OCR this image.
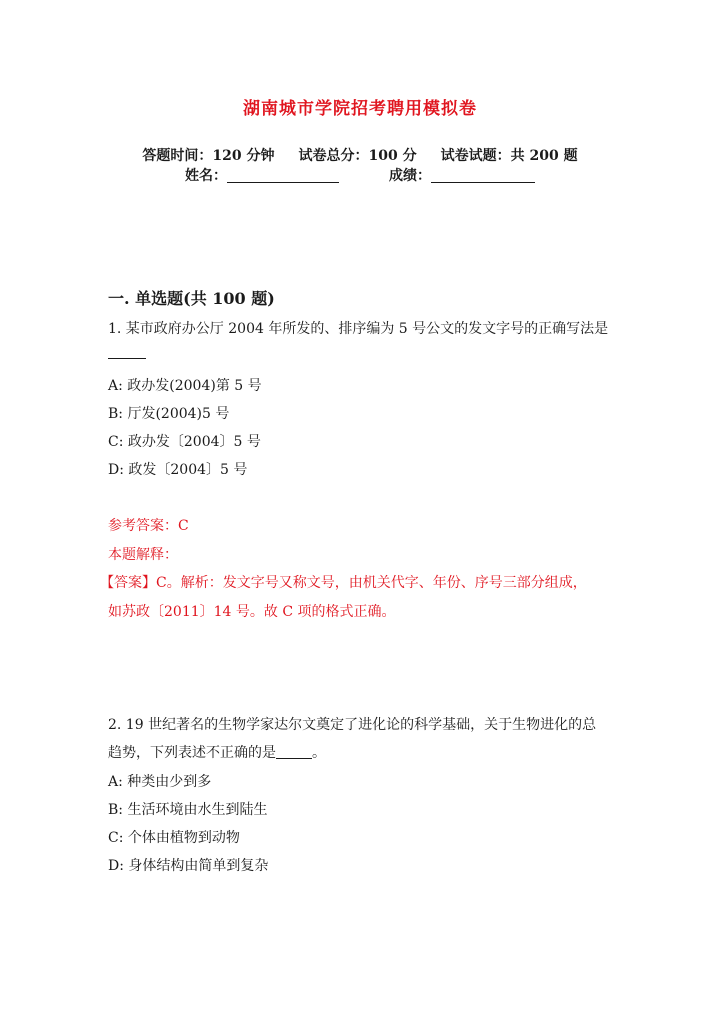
湖南城市学院招考聘用模拟卷
答题时间：120 分钟 试卷总分：100 分 试卷试题：共 200 题
姓名：	成绩：
一. 单选题(共 100 题)
1. 某市政府办公厅 2004 年所发的、排序编为 5 号公文的发文字号的正确写法是
A: 政办发(2004)第 5 号
B: 厅发(2004)5 号
C: 政办发〔2004〕5 号
D: 政发〔2004〕5 号
参考答案：C
本题解释：
【答案】C。解析：发文字号又称文号，由机关代字、年份、序号三部分组成，
如苏政〔2011〕14 号。故 C 项的格式正确。
2. 19 世纪著名的生物学家达尔文奠定了进化论的科学基础，关于生物进化的总
趋势，下列表述不正确的是	。
A: 种类由少到多
B: 生活环境由水生到陆生
C: 个体由植物到动物
D: 身体结构由简单到复杂
